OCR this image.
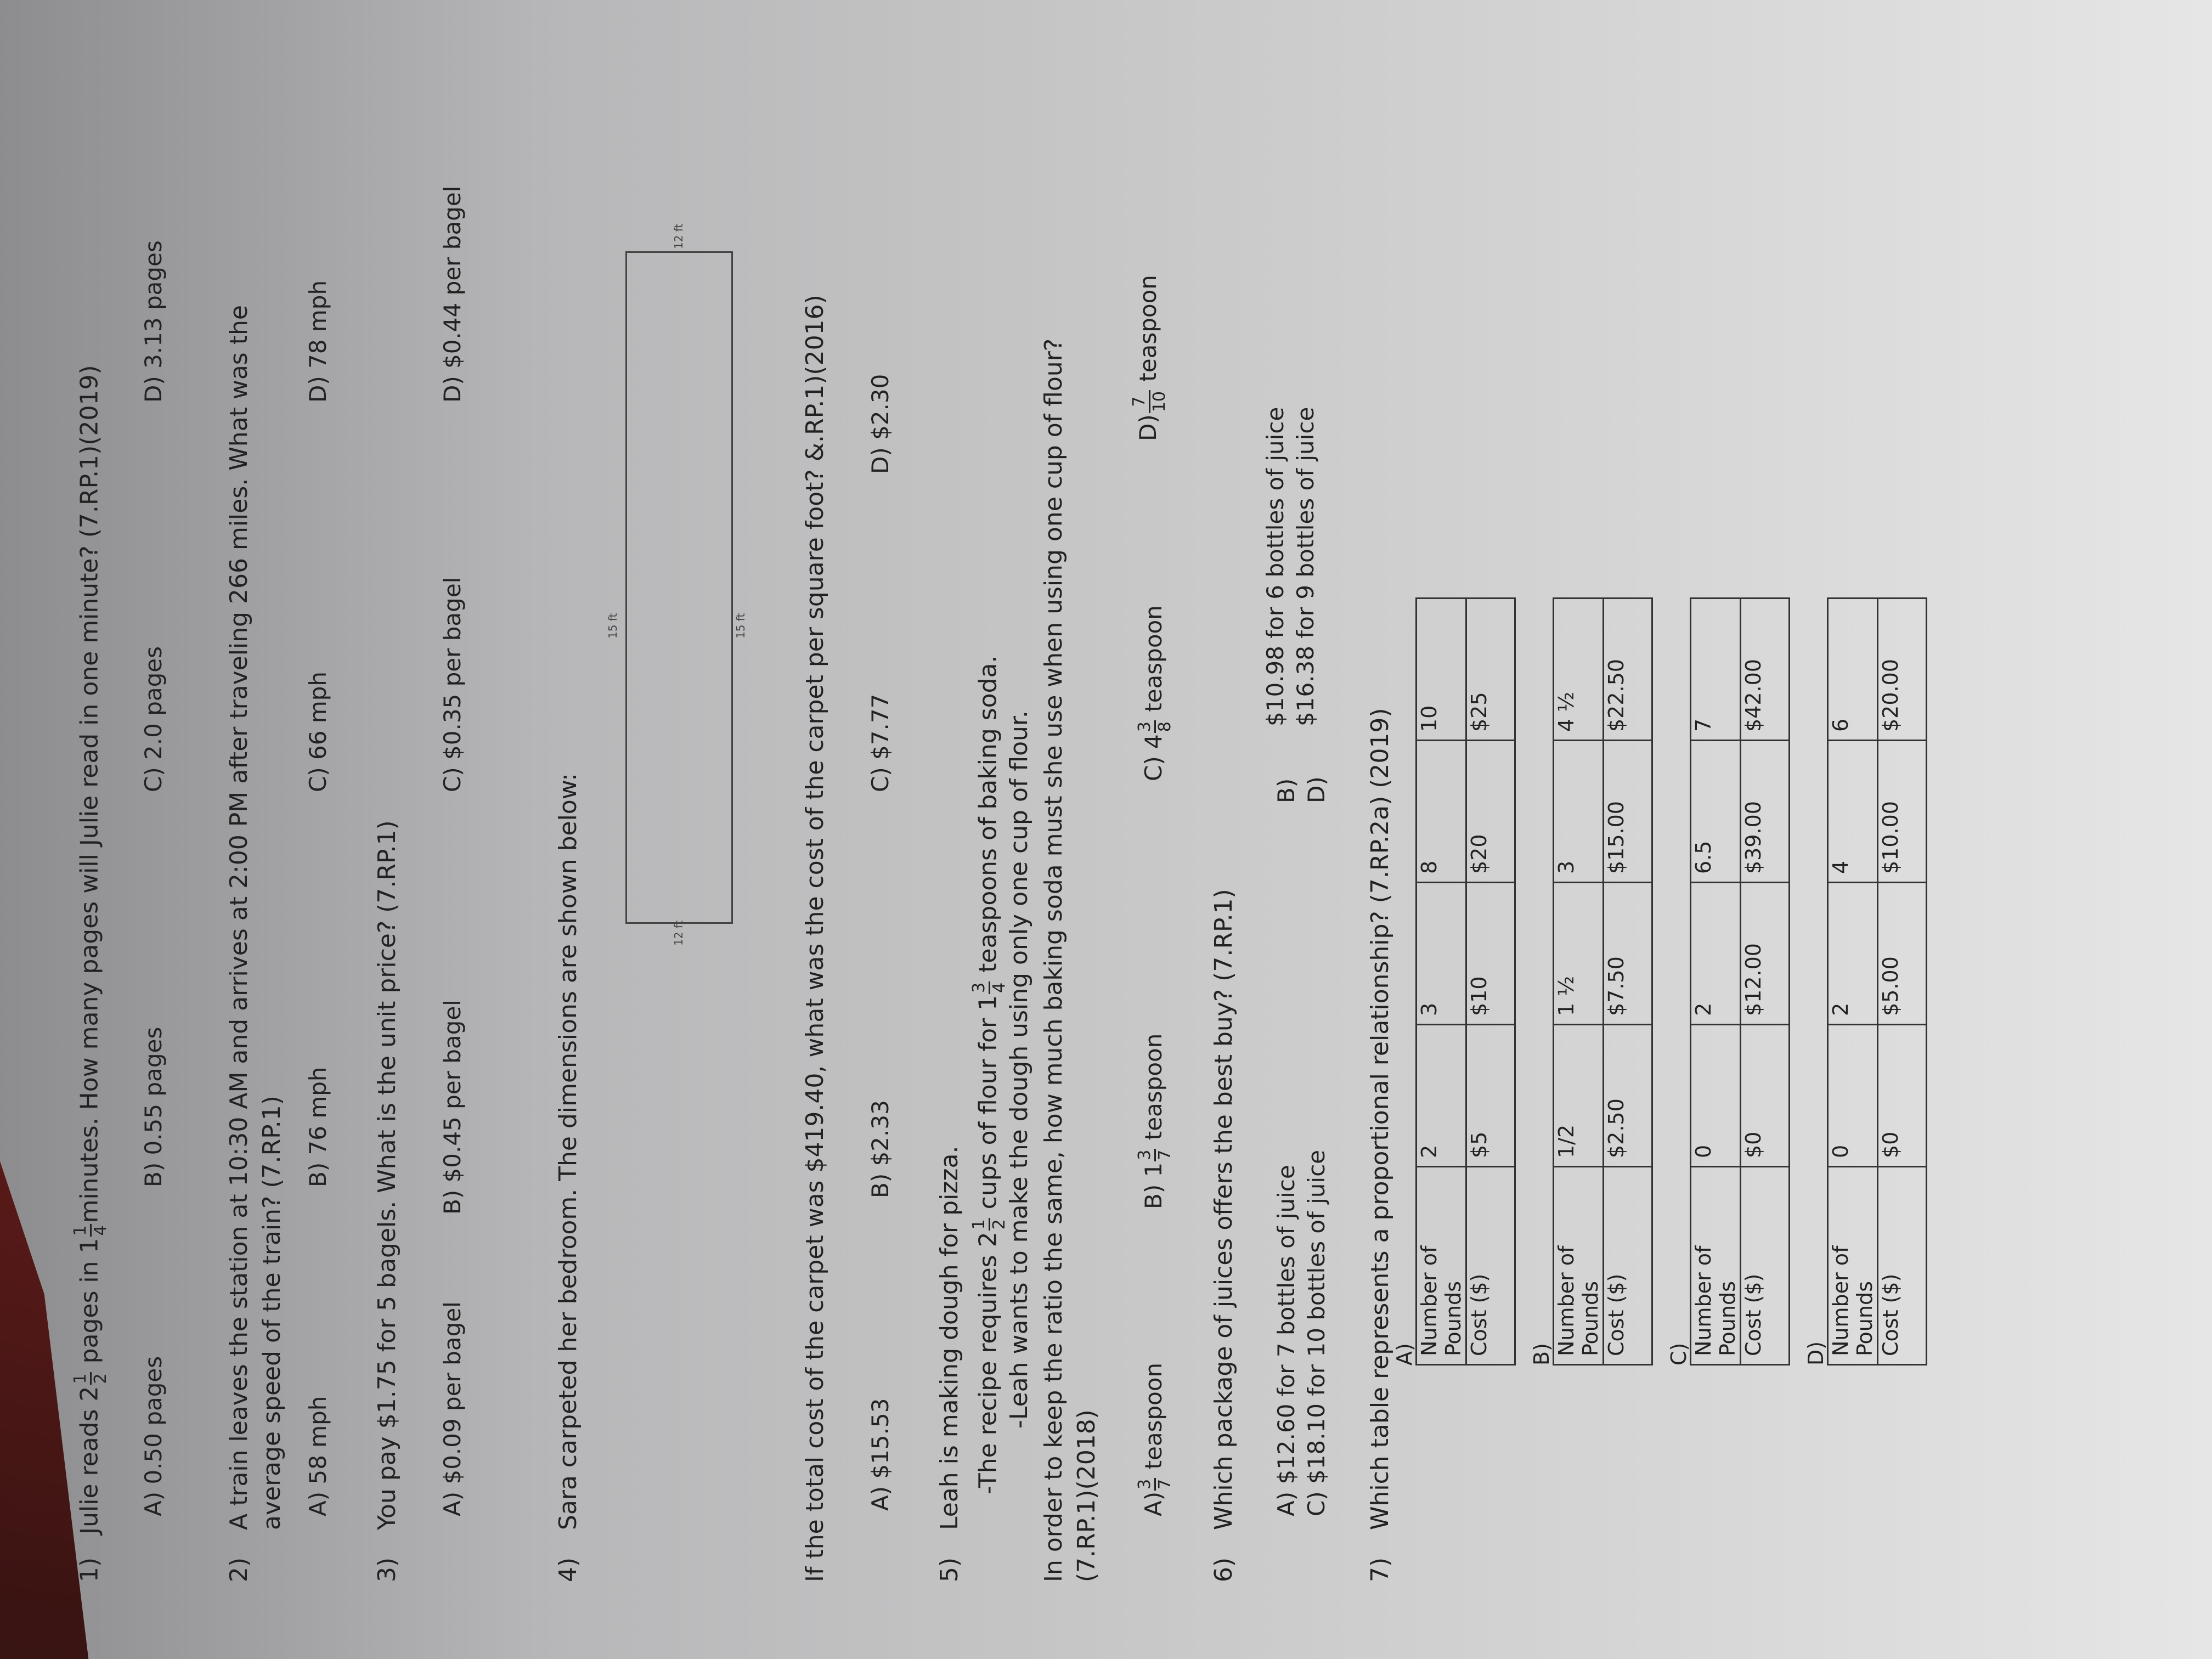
1)   Julie reads 2
1 2
pages in 1
1 4
minutes. How many pages will Julie read in one minute? (7.RP.1)(2019)
A) 0.50 pages
B) 0.55 pages
C) 2.0 pages
D) 3.13 pages
2)
A train leaves the station at 10:30 AM and arrives at 2:00 PM after traveling 266 miles. What was the average speed of the train? (7.RP.1) A) 58 mph
B) 76 mph
C) 66 mph
D) 78 mph
3)
You pay $1.75 for 5 bagels. What is the unit price? (7.RP.1) A) $0.09 per bagel
B) $0.45 per bagel
C) $0.35 per bagel
D) $0.44 per bagel
4)
Sara carpeted her bedroom. The dimensions are shown below:
15 ft	15 ft
12 ft
12 ft
If the total cost of the carpet was $419.40, what was the cost of the carpet per square foot? &.RP.1)(2016) A) $15.53
B) $2.33
C) $7.77
D) $2.30
5)
Leah is making dough for pizza. -The recipe requires 2
1 2
cups of flour for 1
3 4
teaspoons of baking soda. -Leah wants to make the dough using only one cup of flour. In order to keep the ratio the same, how much baking soda must she use when using one cup of flour? (7.RP.1)(2018) A)
3 7
teaspoon
B) 1
3 7
teaspoon
C) 4
3 8
teaspoon
D)
7 10
teaspoon
6)
Which package of juices offers the best buy? (7.RP.1) A) $12.60 for 7 bottles of juice C) $18.10 for 10 bottles of juice
B) D)
$10.98 for 6 bottles of juice $16.38 for 9 bottles of juice
7)
Which table represents a proportional relationship? (7.RP.2a) (2019)
A) Number of Pounds	2	3	8	10
Cost ($)	$5	$10	$20	$25
B) Number of Pounds	1/2	1 ½	3	4 ½
Cost ($)	$2.50	$7.50	$15.00	$22.50
C) Number of Pounds	0	2	6.5	7
Cost ($)	$0	$12.00	$39.00	$42.00
D) Number of Pounds	0	2	4	6
Cost ($)	$0	$5.00	$10.00	$20.00
